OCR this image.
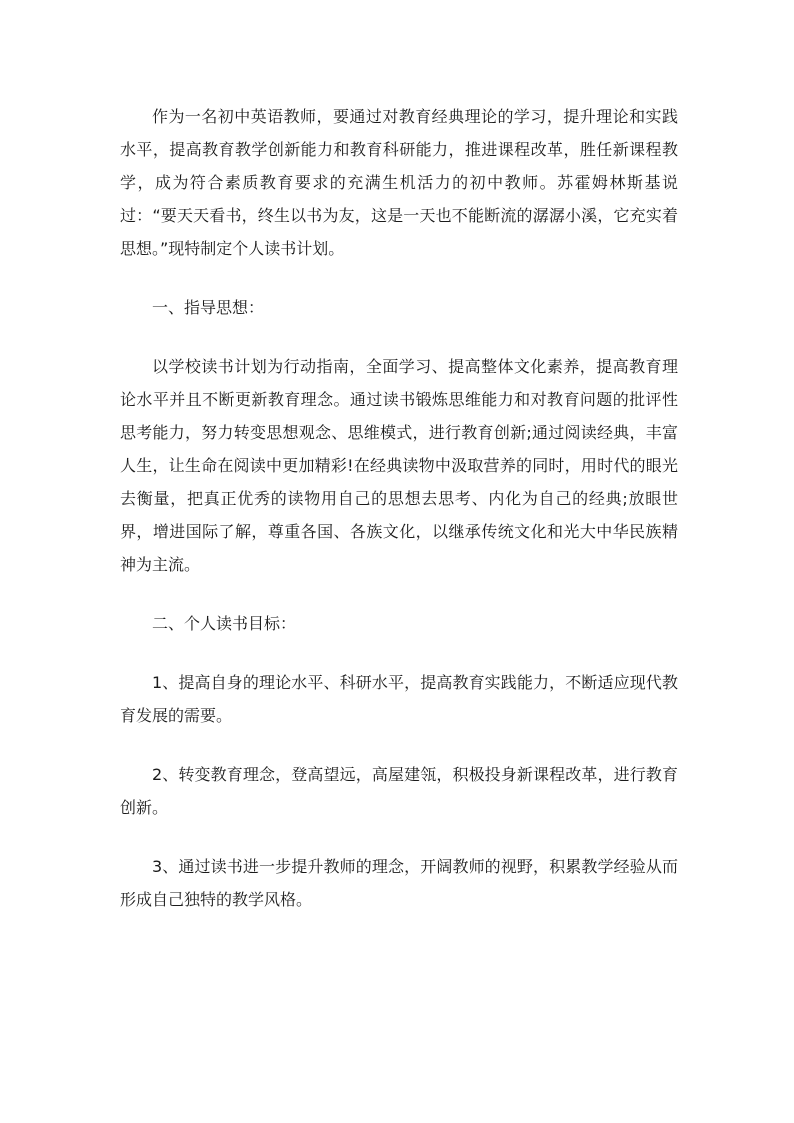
作为一名初中英语教师，要通过对教育经典理论的学习，提升理论和实践水平，提高教育教学创新能力和教育科研能力，推进课程改革，胜任新课程教学，成为符合素质教育要求的充满生机活力的初中教师。苏霍姆林斯基说过：“要天天看书，终生以书为友，这是一天也不能断流的潺潺小溪，它充实着思想。”现特制定个人读书计划。

一、指导思想：

以学校读书计划为行动指南，全面学习、提高整体文化素养，提高教育理论水平并且不断更新教育理念。通过读书锻炼思维能力和对教育问题的批评性思考能力，努力转变思想观念、思维模式，进行教育创新;通过阅读经典，丰富人生，让生命在阅读中更加精彩!在经典读物中汲取营养的同时，用时代的眼光去衡量，把真正优秀的读物用自己的思想去思考、内化为自己的经典;放眼世界，增进国际了解，尊重各国、各族文化，以继承传统文化和光大中华民族精神为主流。

二、个人读书目标：

1、提高自身的理论水平、科研水平，提高教育实践能力，不断适应现代教育发展的需要。

2、转变教育理念，登高望远，高屋建瓴，积极投身新课程改革，进行教育创新。

3、通过读书进一步提升教师的理念，开阔教师的视野，积累教学经验从而形成自己独特的教学风格。
